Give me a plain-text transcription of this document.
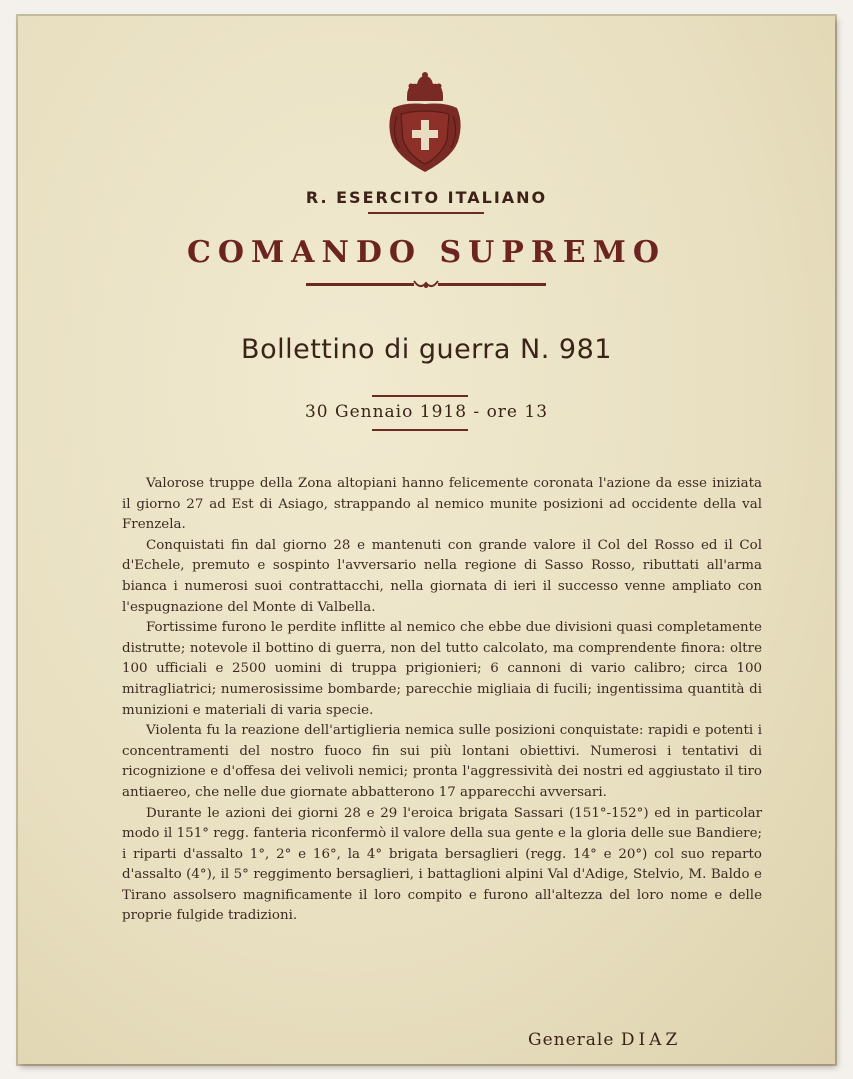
R. ESERCITO ITALIANO
COMANDO SUPREMO
Bollettino di guerra N. 981
30 Gennaio 1918 - ore 13

Valorose truppe della Zona altopiani hanno felicemente coronata l'azione da esse iniziata il giorno 27 ad Est di Asiago, strappando al nemico munite posizioni ad occidente della val Frenzela.

Conquistati fin dal giorno 28 e mantenuti con grande valore il Col del Rosso ed il Col d'Echele, premuto e sospinto l'avversario nella regione di Sasso Rosso, ributtati all'arma bianca i numerosi suoi contrattacchi, nella giornata di ieri il successo venne ampliato con l'espugnazione del Monte di Valbella.

Fortissime furono le perdite inflitte al nemico che ebbe due divisioni quasi completamente distrutte; notevole il bottino di guerra, non del tutto calcolato, ma comprendente finora: oltre 100 ufficiali e 2500 uomini di truppa prigionieri; 6 cannoni di vario calibro; circa 100 mitragliatrici; numerosissime bombarde; parecchie migliaia di fucili; ingentissima quantità di munizioni e materiali di varia specie.

Violenta fu la reazione dell'artiglieria nemica sulle posizioni conquistate: rapidi e potenti i concentramenti del nostro fuoco fin sui più lontani obiettivi. Numerosi i tentativi di ricognizione e d'offesa dei velivoli nemici; pronta l'aggressività dei nostri ed aggiustato il tiro antiaereo, che nelle due giornate abbatterono 17 apparecchi avversari.

Durante le azioni dei giorni 28 e 29 l'eroica brigata Sassari (151°-152°) ed in particolar modo il 151° regg. fanteria riconfermò il valore della sua gente e la gloria delle sue Bandiere; i riparti d'assalto 1°, 2° e 16°, la 4° brigata bersaglieri (regg. 14° e 20°) col suo reparto d'assalto (4°), il 5° reggimento bersaglieri, i battaglioni alpini Val d'Adige, Stelvio, M. Baldo e Tirano assolsero magnificamente il loro compito e furono all'altezza del loro nome e delle proprie fulgide tradizioni.

Generale DIAZ
